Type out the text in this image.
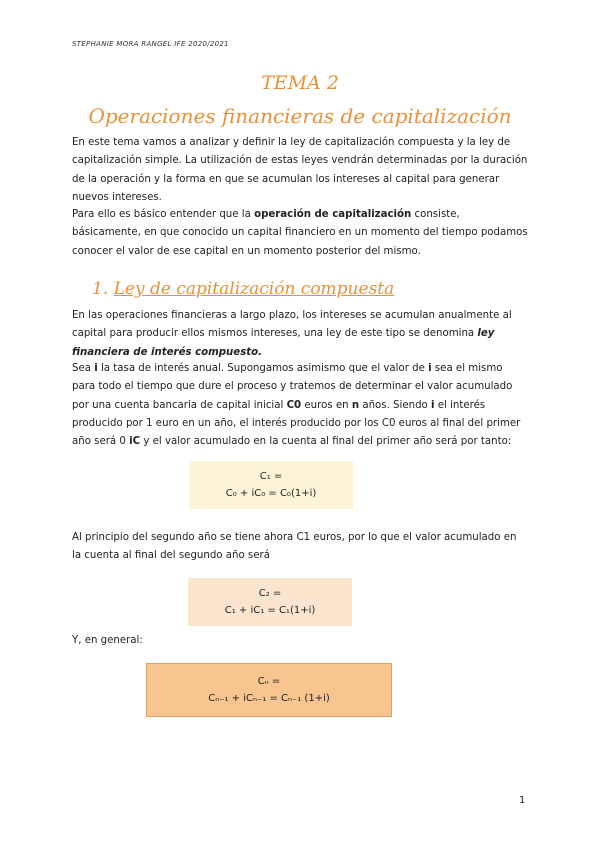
STEPHANIE MORA RANGEL IFE 2020/2021
TEMA 2
Operaciones financieras de capitalización
En este tema vamos a analizar y definir la ley de capitalización compuesta y la ley de capitalización simple. La utilización de estas leyes vendrán determinadas por la duración de la operación y la forma en que se acumulan los intereses al capital para generar nuevos intereses.
Para ello es básico entender que la operación de capitalización consiste, básicamente, en que conocido un capital financiero en un momento del tiempo podamos conocer el valor de ese capital en un momento posterior del mismo.
1. Ley de capitalización compuesta
En las operaciones financieras a largo plazo, los intereses se acumulan anualmente al capital para producir ellos mismos intereses, una ley de este tipo se denomina ley financiera de interés compuesto.
Sea i la tasa de interés anual. Supongamos asimismo que el valor de i sea el mismo para todo el tiempo que dure el proceso y tratemos de determinar el valor acumulado por una cuenta bancaria de capital inicial C0 euros en n años. Siendo i el interés producido por 1 euro en un año, el interés producido por los C0 euros al final del primer año será 0 iC y el valor acumulado en la cuenta al final del primer año será por tanto:
C₁ =
C₀ + iC₀ = C₀(1+i)
Al principio del segundo año se tiene ahora C1 euros, por lo que el valor acumulado en la cuenta al final del segundo año será
C₂ =
C₁ + iC₁ = C₁(1+i)
Y, en general:
Cₙ =
Cₙ₋₁ + iCₙ₋₁ = Cₙ₋₁ (1+i)
1
